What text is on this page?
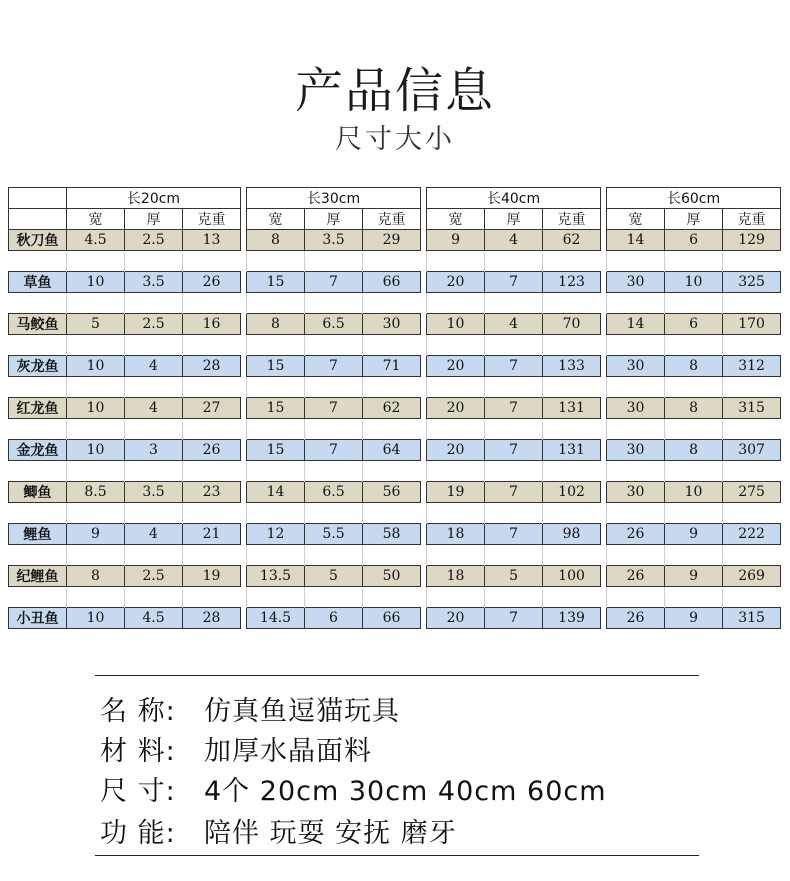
产品信息
尺寸大小
	长20cm				长30cm				长40cm				长60cm		
	宽	厚	克重		宽	厚	克重		宽	厚	克重		宽	厚	克重
秋刀鱼	4.5	2.5	13		8	3.5	29		9	4	62		14	6	129

草鱼	10	3.5	26		15	7	66		20	7	123		30	10	325

马鲛鱼	5	2.5	16		8	6.5	30		10	4	70		14	6	170

灰龙鱼	10	4	28		15	7	71		20	7	133		30	8	312

红龙鱼	10	4	27		15	7	62		20	7	131		30	8	315

金龙鱼	10	3	26		15	7	64		20	7	131		30	8	307

鲫鱼	8.5	3.5	23		14	6.5	56		19	7	102		30	10	275

鲤鱼	9	4	21		12	5.5	58		18	7	98		26	9	222

纪鲤鱼	8	2.5	19		13.5	5	50		18	5	100		26	9	269

小丑鱼	10	4.5	28		14.5	6	66		20	7	139		26	9	315
名 称: 仿真鱼逗猫玩具
材 料: 加厚水晶面料
尺 寸: 4个 20cm 30cm 40cm 60cm
功 能: 陪伴 玩耍 安抚 磨牙
